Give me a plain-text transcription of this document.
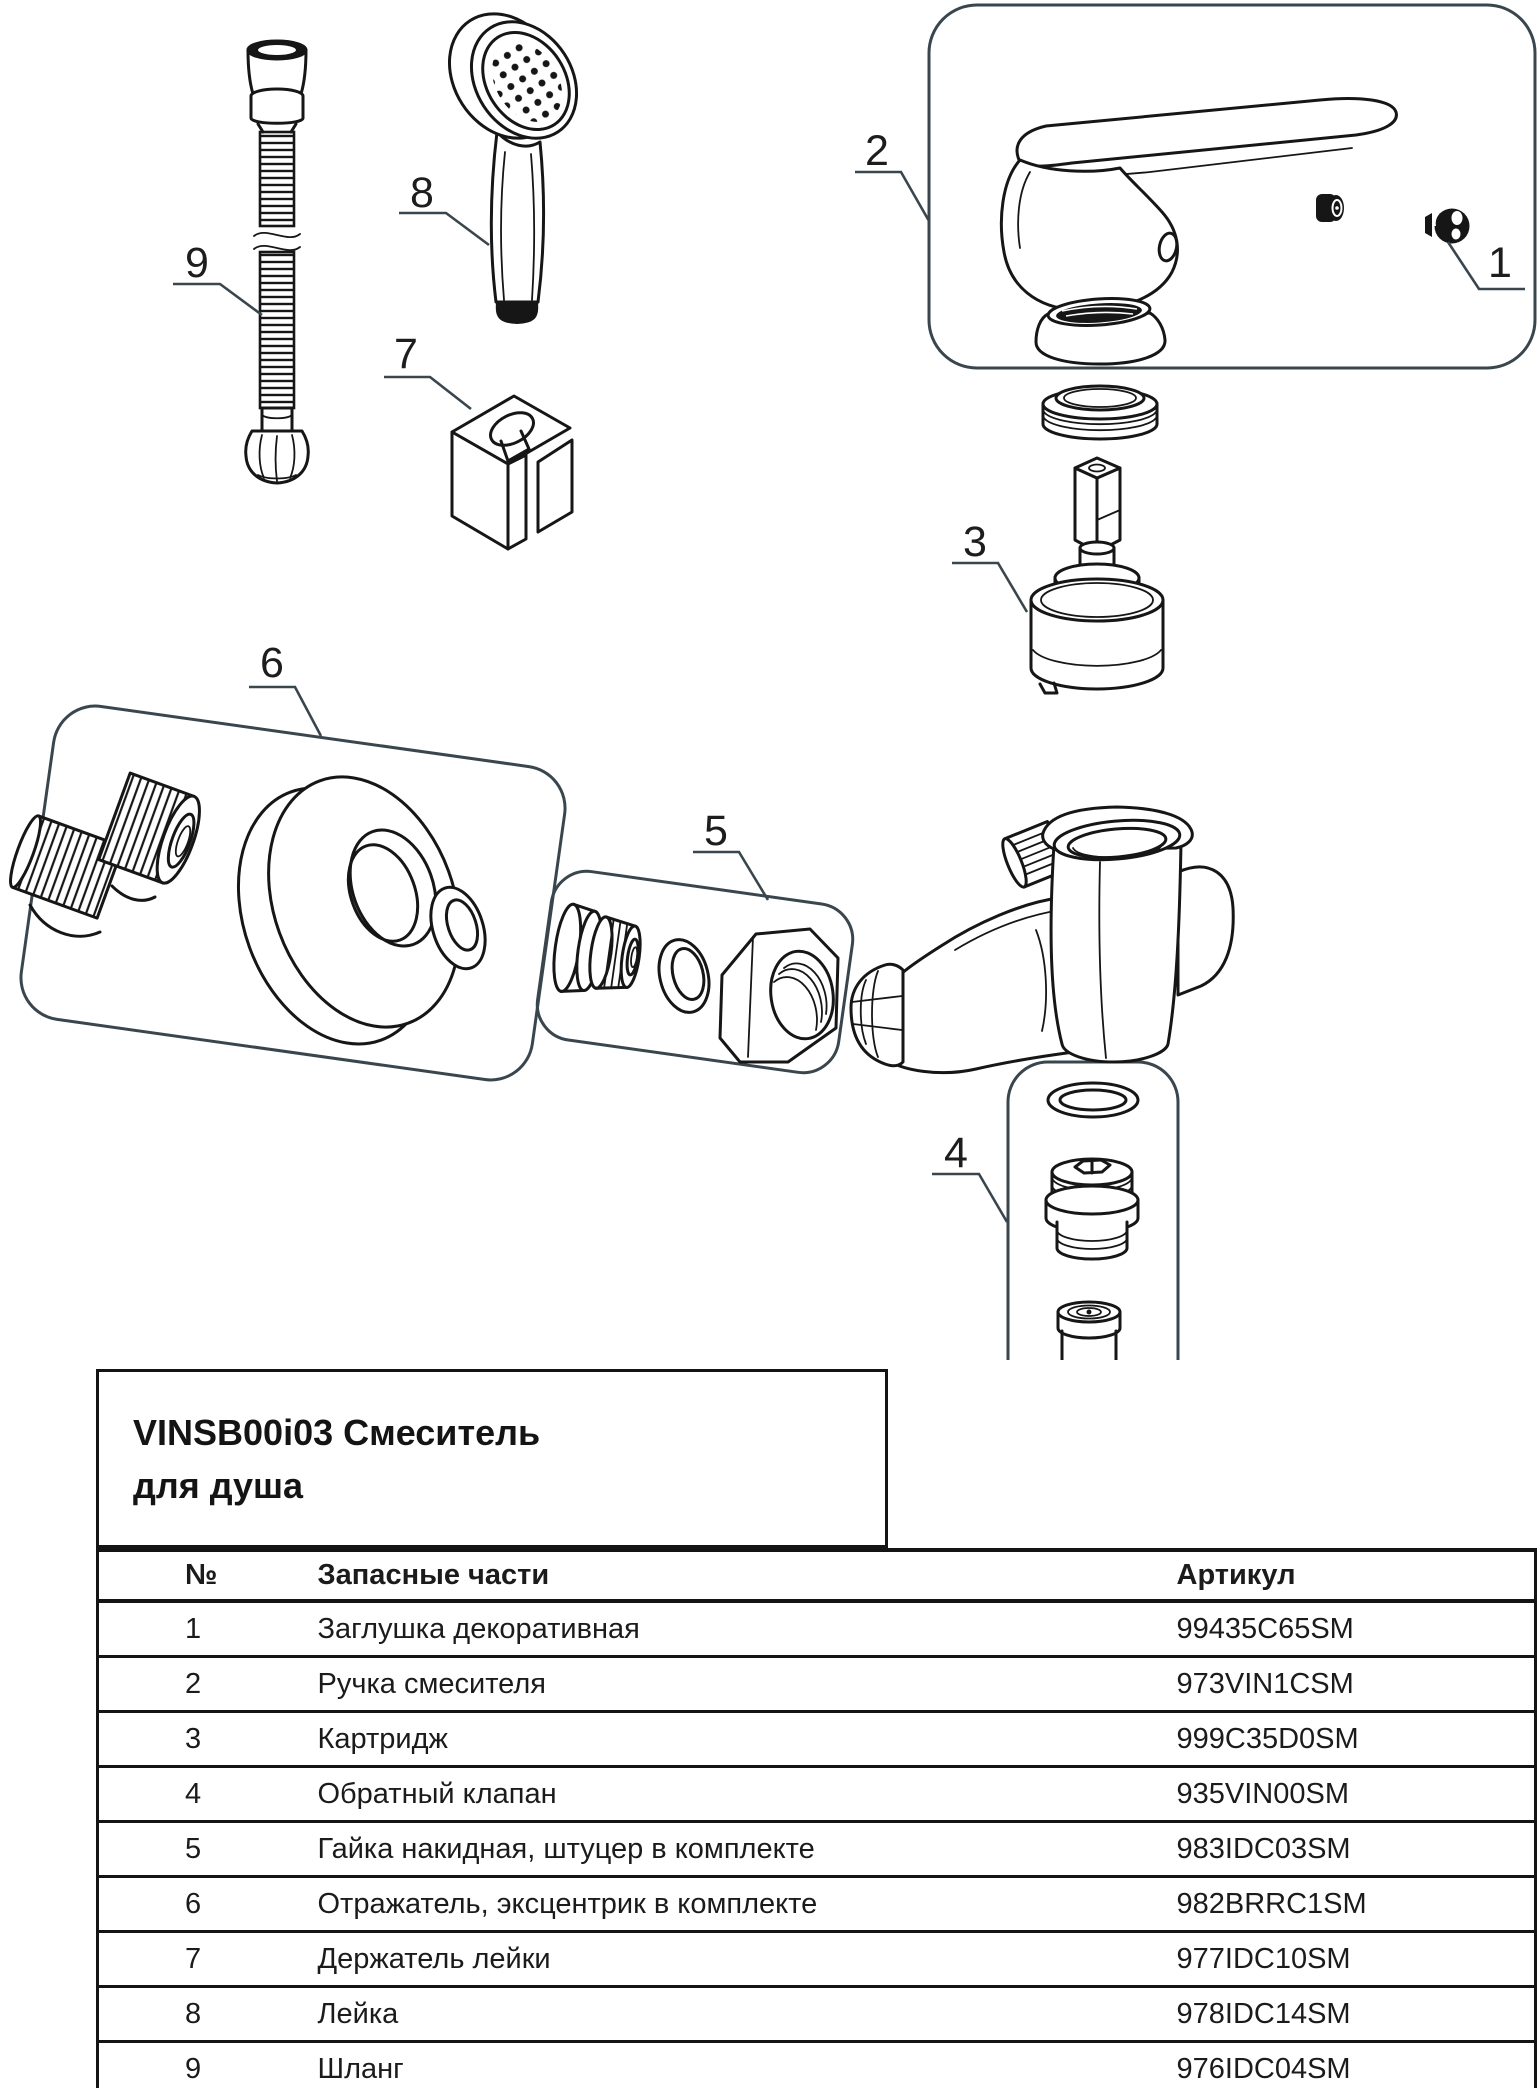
1
2
3
4
5
6
7
8
9
VINSB00i03 Смеситель
для душа
№	Запасные части	Артикул
1	Заглушка декоративная	99435C65SM
2	Ручка смесителя	973VIN1CSM
3	Картридж	999C35D0SM
4	Обратный клапан	935VIN00SM
5	Гайка накидная, штуцер в комплекте	983IDC03SM
6	Отражатель, эксцентрик в комплекте	982BRRC1SM
7	Держатель лейки	977IDC10SM
8	Лейка	978IDC14SM
9	Шланг	976IDC04SM
